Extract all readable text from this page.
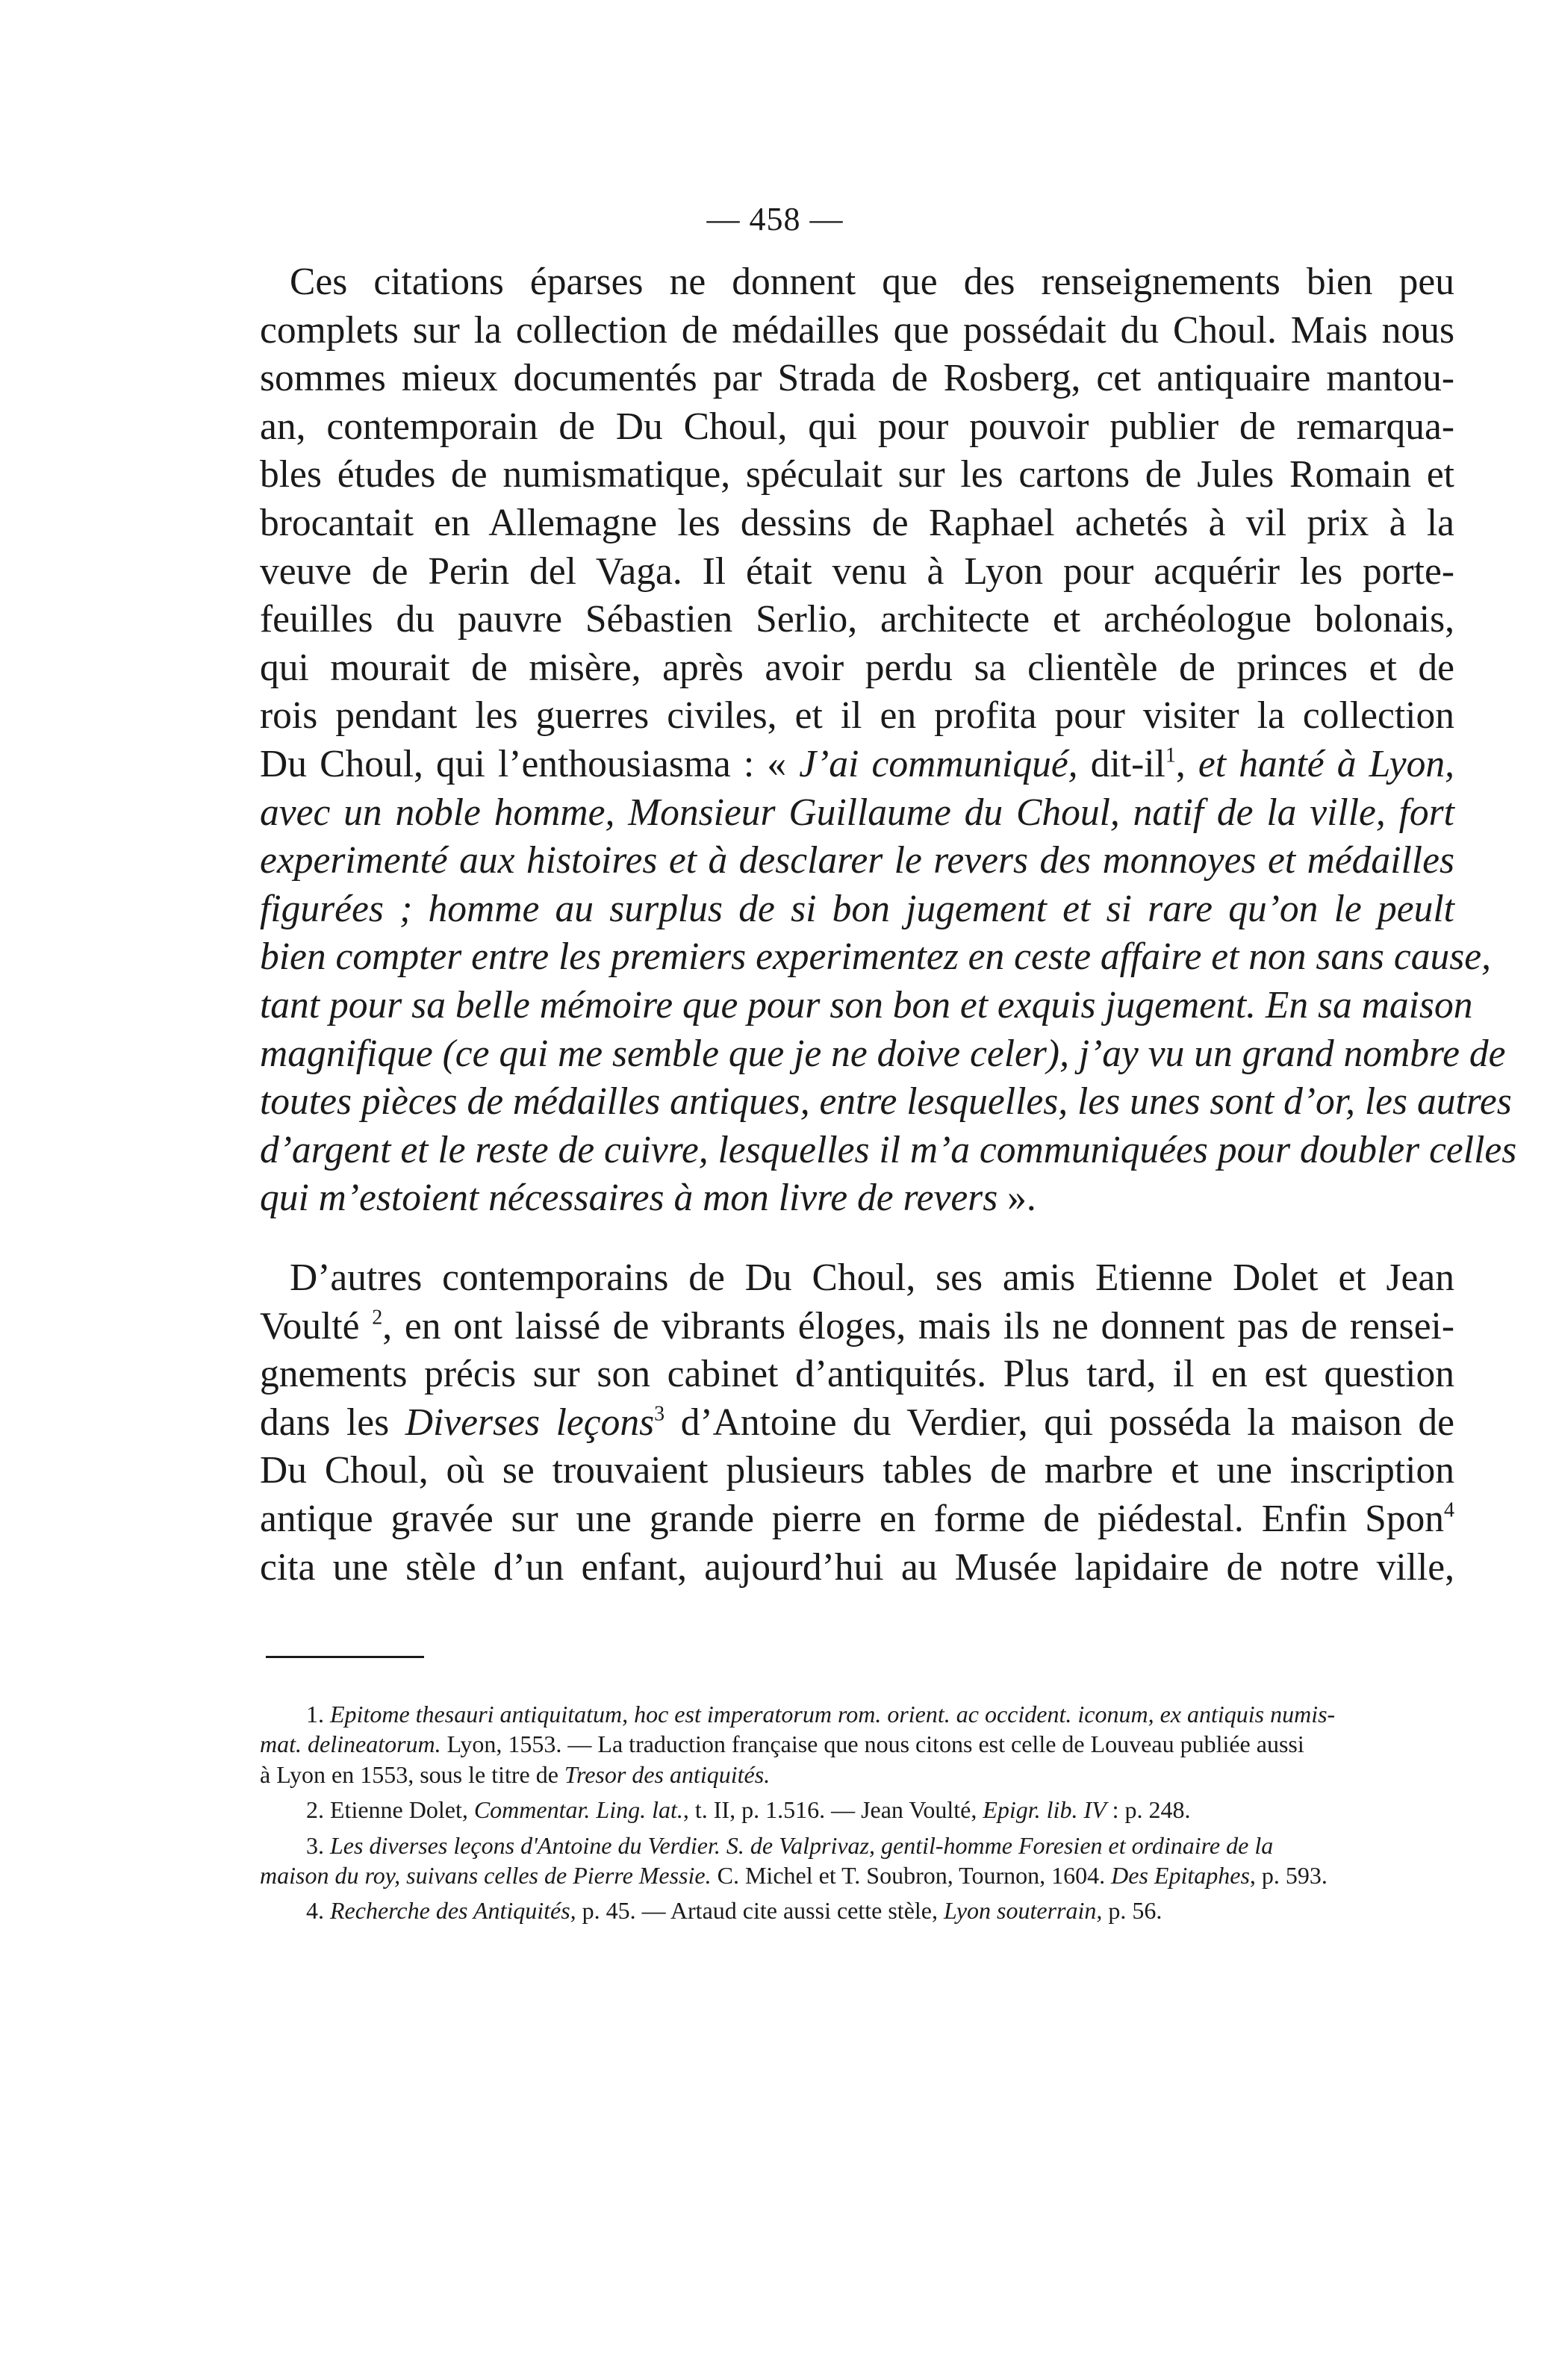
— 458 —
Ces citations éparses ne donnent que des renseignements bien peu
complets sur la collection de médailles que possédait du Choul. Mais nous
sommes mieux documentés par Strada de Rosberg, cet antiquaire mantou-
an, contemporain de Du Choul, qui pour pouvoir publier de remarqua-
bles études de numismatique, spéculait sur les cartons de Jules Romain et
brocantait en Allemagne les dessins de Raphael achetés à vil prix à la
veuve de Perin del Vaga. Il était venu à Lyon pour acquérir les porte-
feuilles du pauvre Sébastien Serlio, architecte et archéologue bolonais,
qui mourait de misère, après avoir perdu sa clientèle de princes et de
rois pendant les guerres civiles, et il en profita pour visiter la collection
Du Choul, qui l’enthousiasma : « J’ai communiqué, dit-$il^1$, et hanté à Lyon,
avec un noble homme, Monsieur Guillaume du Choul, natif de la ville, fort
experimenté aux histoires et à desclarer le revers des monnoyes et médailles
figurées ; homme au surplus de si bon jugement et si rare qu’on le peult
bien compter entre les premiers experimentez en ceste affaire et non sans cause,
tant pour sa belle mémoire que pour son bon et exquis jugement. En sa maison
magnifique (ce qui me semble que je ne doive celer), j’ay vu un grand nombre de
toutes pièces de médailles antiques, entre lesquelles, les unes sont d’or, les autres
d’argent et le reste de cuivre, lesquelles il m’a communiquées pour doubler celles
qui m’estoient nécessaires à mon livre de revers ».
D’autres contemporains de Du Choul, ses amis Etienne Dolet et Jean
Voulté $^2$, en ont laissé de vibrants éloges, mais ils ne donnent pas de rensei-
gnements précis sur son cabinet d’antiquités. Plus tard, il en est question
dans les Diverses leçons$^3$ d’Antoine du Verdier, qui posséda la maison de
Du Choul, où se trouvaient plusieurs tables de marbre et une inscription
antique gravée sur une grande pierre en forme de piédestal. Enfin Spon$^4$
cita une stèle d’un enfant, aujourd’hui au Musée lapidaire de notre ville,
1. Epitome thesauri antiquitatum, hoc est imperatorum rom. orient. ac occident. iconum, ex antiquis numis-
mat. delineatorum. Lyon, 1553. — La traduction française que nous citons est celle de Louveau publiée aussi
à Lyon en 1553, sous le titre de Tresor des antiquités.
2. Etienne Dolet, Commentar. Ling. lat., t. II, p. 1.516. — Jean Voulté, Epigr. lib. IV : p. 248.
3. Les diverses leçons d'Antoine du Verdier. S. de Valprivaz, gentil-homme Foresien et ordinaire de la
maison du roy, suivans celles de Pierre Messie. C. Michel et T. Soubron, Tournon, 1604. Des Epitaphes, p. 593.
4. Recherche des Antiquités, p. 45. — Artaud cite aussi cette stèle, Lyon souterrain, p. 56.
